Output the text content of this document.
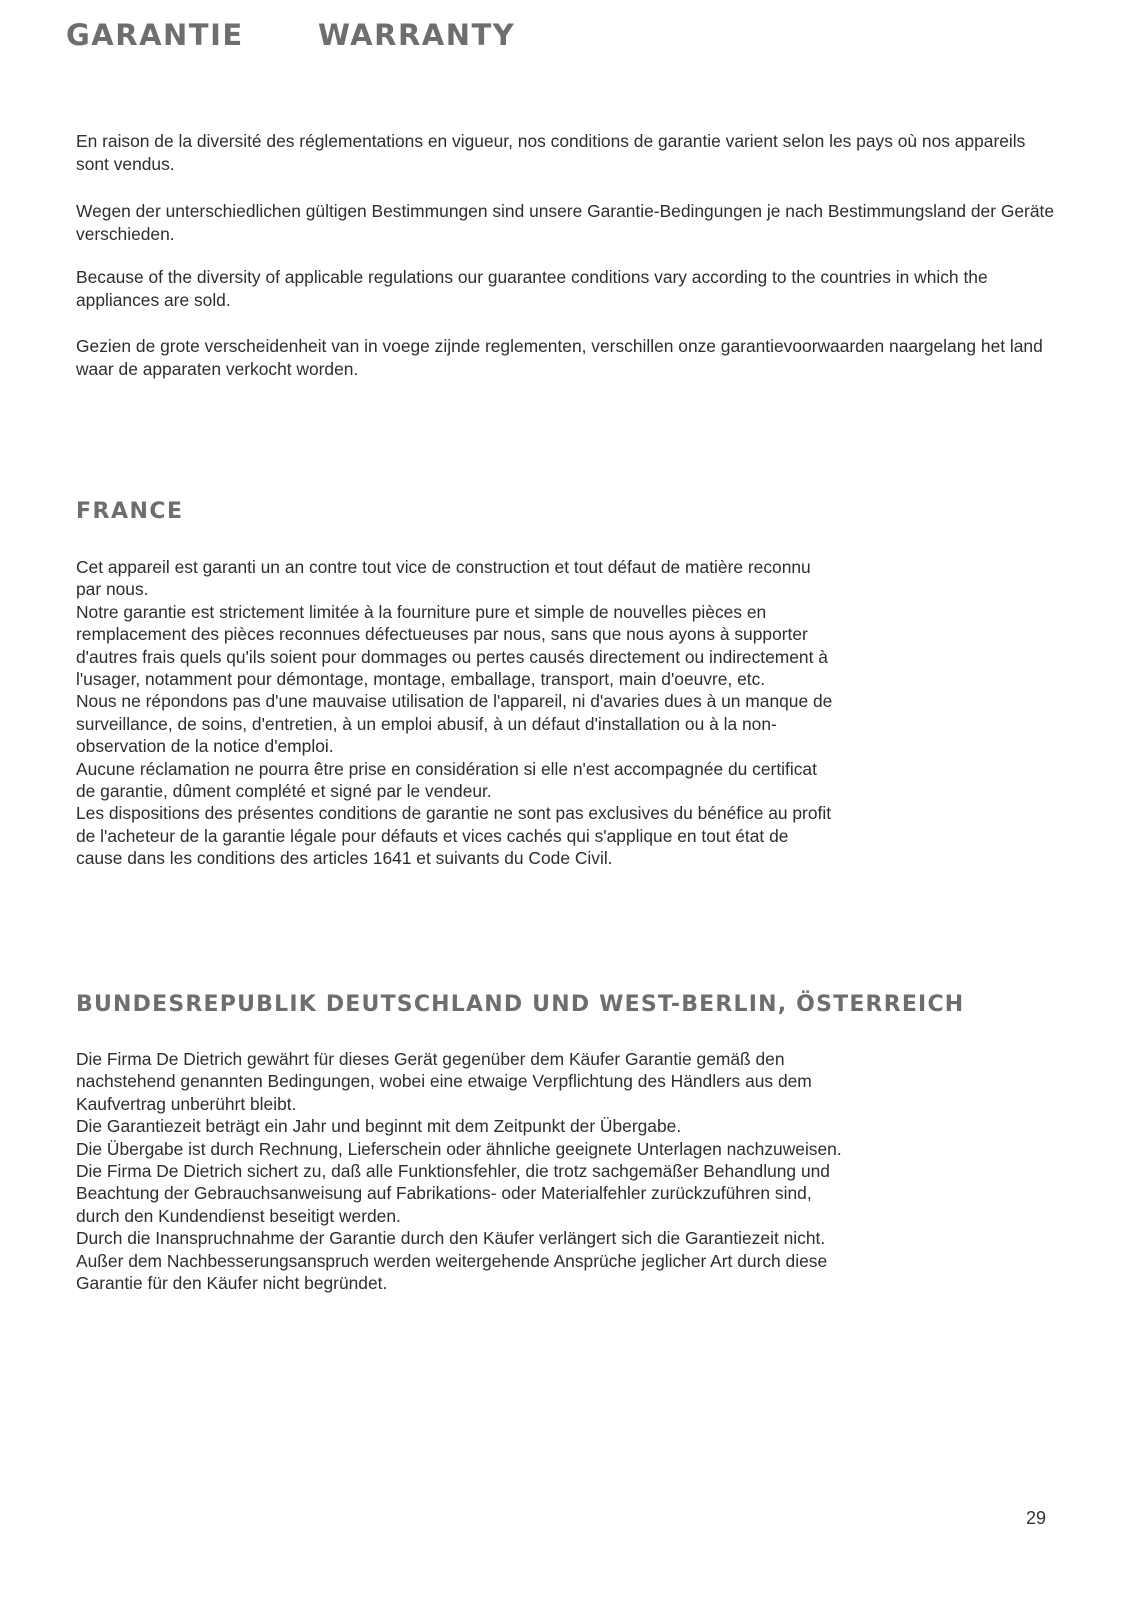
GARANTIE	WARRANTY

En raison de la diversité des réglementations en vigueur, nos conditions de garantie varient selon les pays où nos appareils sont vendus.

Wegen der unterschiedlichen gültigen Bestimmungen sind unsere Garantie-Bedingungen je nach Bestimmungsland der Geräte verschieden.

Because of the diversity of applicable regulations our guarantee conditions vary according to the countries in which the appliances are sold.

Gezien de grote verscheidenheit van in voege zijnde reglementen, verschillen onze garantievoorwaarden naargelang het land waar de apparaten verkocht worden.

FRANCE
Cet appareil est garanti un an contre tout vice de construction et tout défaut de matière reconnu
par nous.
Notre garantie est strictement limitée à la fourniture pure et simple de nouvelles pièces en
remplacement des pièces reconnues défectueuses par nous, sans que nous ayons à supporter
d'autres frais quels qu'ils soient pour dommages ou pertes causés directement ou indirectement à
l'usager, notamment pour démontage, montage, emballage, transport, main d'oeuvre, etc.
Nous ne répondons pas d'une mauvaise utilisation de l'appareil, ni d'avaries dues à un manque de
surveillance, de soins, d'entretien, à un emploi abusif, à un défaut d'installation ou à la non-
observation de la notice d'emploi.
Aucune réclamation ne pourra être prise en considération si elle n'est accompagnée du certificat
de garantie, dûment complété et signé par le vendeur.
Les dispositions des présentes conditions de garantie ne sont pas exclusives du bénéfice au profit
de l'acheteur de la garantie légale pour défauts et vices cachés qui s'applique en tout état de
cause dans les conditions des articles 1641 et suivants du Code Civil.
BUNDESREPUBLIK DEUTSCHLAND UND WEST-BERLIN, ÖSTERREICH
Die Firma De Dietrich gewährt für dieses Gerät gegenüber dem Käufer Garantie gemäß den
nachstehend genannten Bedingungen, wobei eine etwaige Verpflichtung des Händlers aus dem
Kaufvertrag unberührt bleibt.
Die Garantiezeit beträgt ein Jahr und beginnt mit dem Zeitpunkt der Übergabe.
Die Übergabe ist durch Rechnung, Lieferschein oder ähnliche geeignete Unterlagen nachzuweisen.
Die Firma De Dietrich sichert zu, daß alle Funktionsfehler, die trotz sachgemäßer Behandlung und
Beachtung der Gebrauchsanweisung auf Fabrikations- oder Materialfehler zurückzuführen sind,
durch den Kundendienst beseitigt werden.
Durch die Inanspruchnahme der Garantie durch den Käufer verlängert sich die Garantiezeit nicht.
Außer dem Nachbesserungsanspruch werden weitergehende Ansprüche jeglicher Art durch diese
Garantie für den Käufer nicht begründet.
29
